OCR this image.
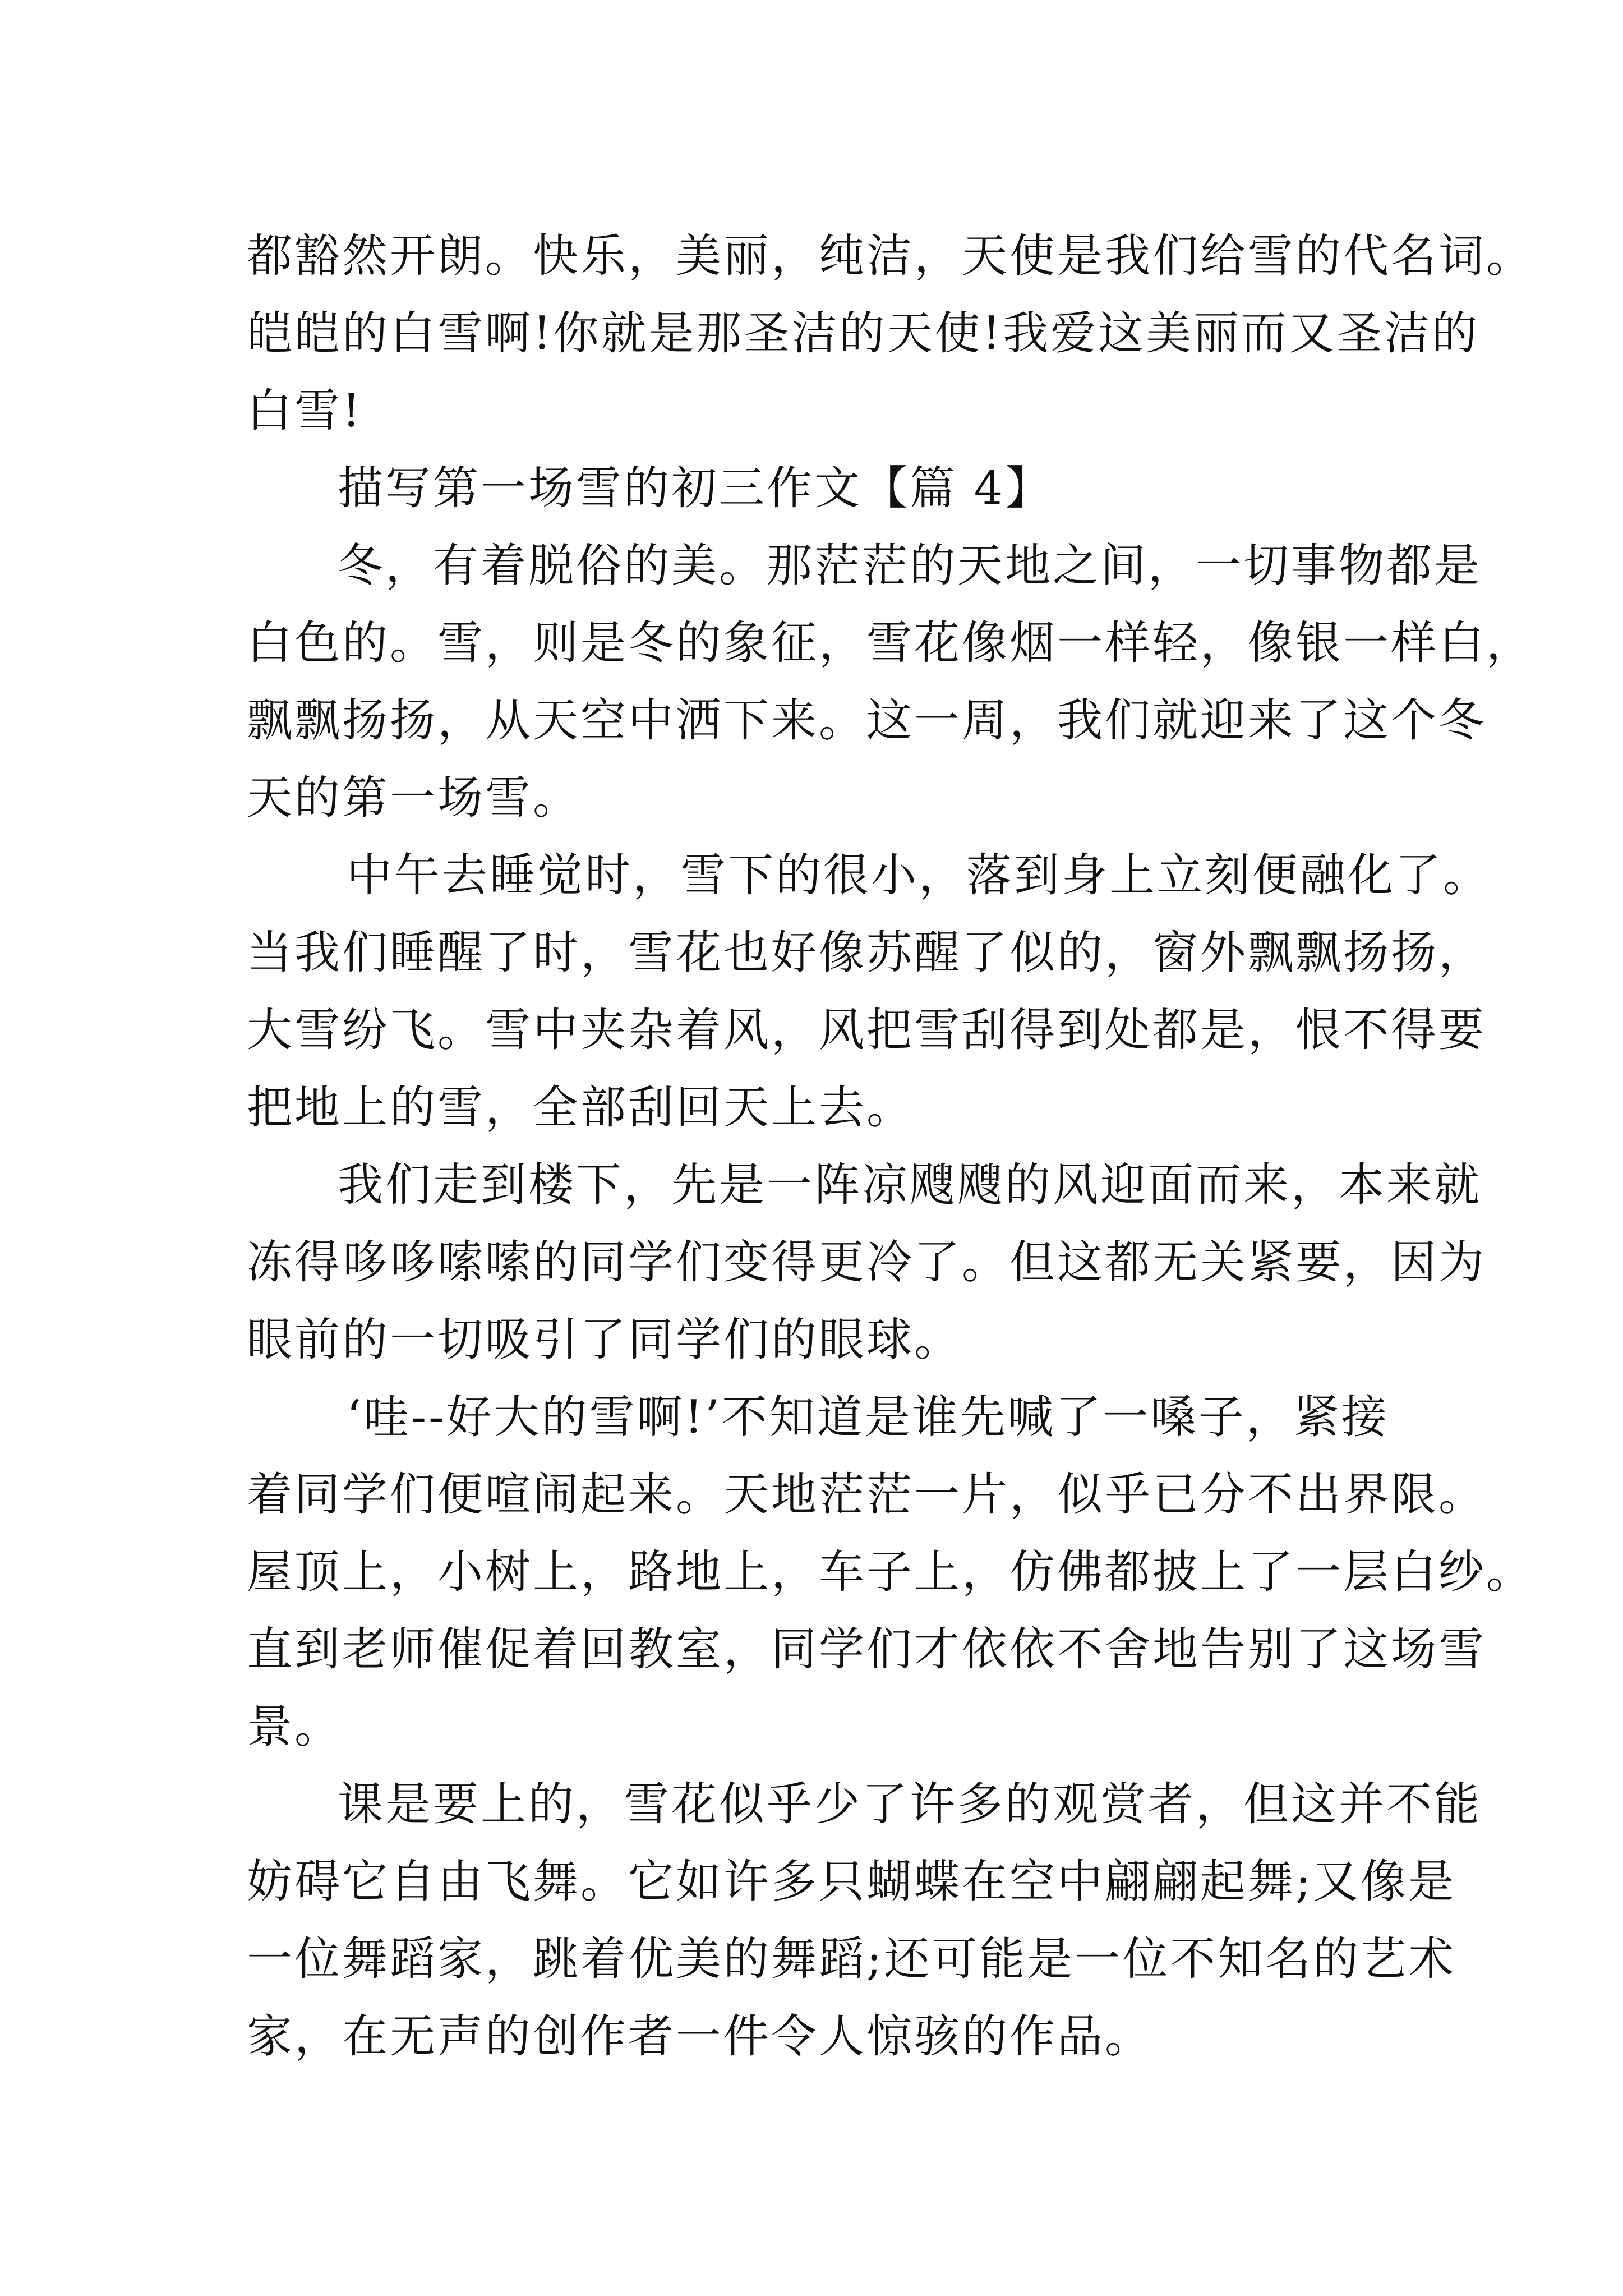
都豁然开朗。快乐，美丽，纯洁，天使是我们给雪的代名词。
皑皑的白雪啊!你就是那圣洁的天使!我爱这美丽而又圣洁的
白雪!

描写第一场雪的初三作文【篇 4】

冬，有着脱俗的美。那茫茫的天地之间，一切事物都是
白色的。雪，则是冬的象征，雪花像烟一样轻，像银一样白，
飘飘扬扬，从天空中洒下来。这一周，我们就迎来了这个冬
天的第一场雪。

中午去睡觉时，雪下的很小，落到身上立刻便融化了。
当我们睡醒了时，雪花也好像苏醒了似的，窗外飘飘扬扬，
大雪纷飞。雪中夹杂着风，风把雪刮得到处都是，恨不得要
把地上的雪，全部刮回天上去。

我们走到楼下，先是一阵凉飕飕的风迎面而来，本来就
冻得哆哆嗦嗦的同学们变得更冷了。但这都无关紧要，因为
眼前的一切吸引了同学们的眼球。

‘哇--好大的雪啊!’不知道是谁先喊了一嗓子，紧接
着同学们便喧闹起来。天地茫茫一片，似乎已分不出界限。
屋顶上，小树上，路地上，车子上，仿佛都披上了一层白纱。
直到老师催促着回教室，同学们才依依不舍地告别了这场雪
景。

课是要上的，雪花似乎少了许多的观赏者，但这并不能
妨碍它自由飞舞。它如许多只蝴蝶在空中翩翩起舞;又像是
一位舞蹈家，跳着优美的舞蹈;还可能是一位不知名的艺术
家，在无声的创作者一件令人惊骇的作品。
